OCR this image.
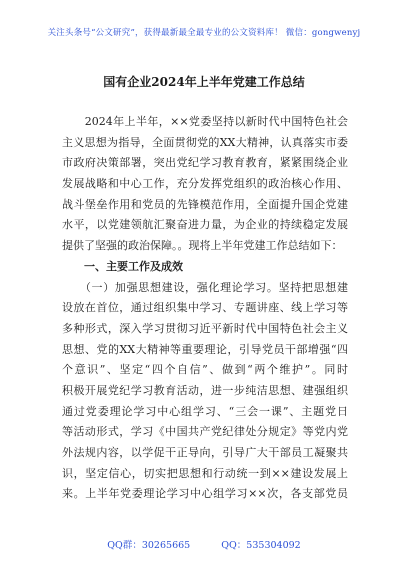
关注头条号“公文研究”，获得最新最全最专业的公文资料库！ 微信：gongwenyj
国有企业2024年上半年党建工作总结
　　2024年上半年，××党委坚持以新时代中国特色社会
主义思想为指导，全面贯彻党的XX大精神，认真落实市委
市政府决策部署，突出党纪学习教育教育，紧紧围绕企业
发展战略和中心工作，充分发挥党组织的政治核心作用、
战斗堡垒作用和党员的先锋模范作用，全面提升国企党建
水平，以党建领航汇聚奋进力量，为企业的持续稳定发展
提供了坚强的政治保障。。现将上半年党建工作总结如下：
　　一、主要工作及成效
　　（一）加强思想建设，强化理论学习。坚持把思想建
设放在首位，通过组织集中学习、专题讲座、线上学习等
多种形式，深入学习贯彻习近平新时代中国特色社会主义
思想、党的XX大精神等重要理论，引导党员干部增强“四
个意识”、坚定“四个自信”、做到“两个维护”。同时
积极开展党纪学习教育活动，进一步纯洁思想、建强组织
通过党委理论学习中心组学习、“三会一课”、主题党日
等活动形式，学习《中国共产党纪律处分规定》等党内党
外法规内容，以学促干正导向，引导广大干部员工凝聚共
识，坚定信心，切实把思想和行动统一到××建设发展上
来。上半年党委理论学习中心组学习××次，各支部党员
QQ群：30265665	QQ：535304092
